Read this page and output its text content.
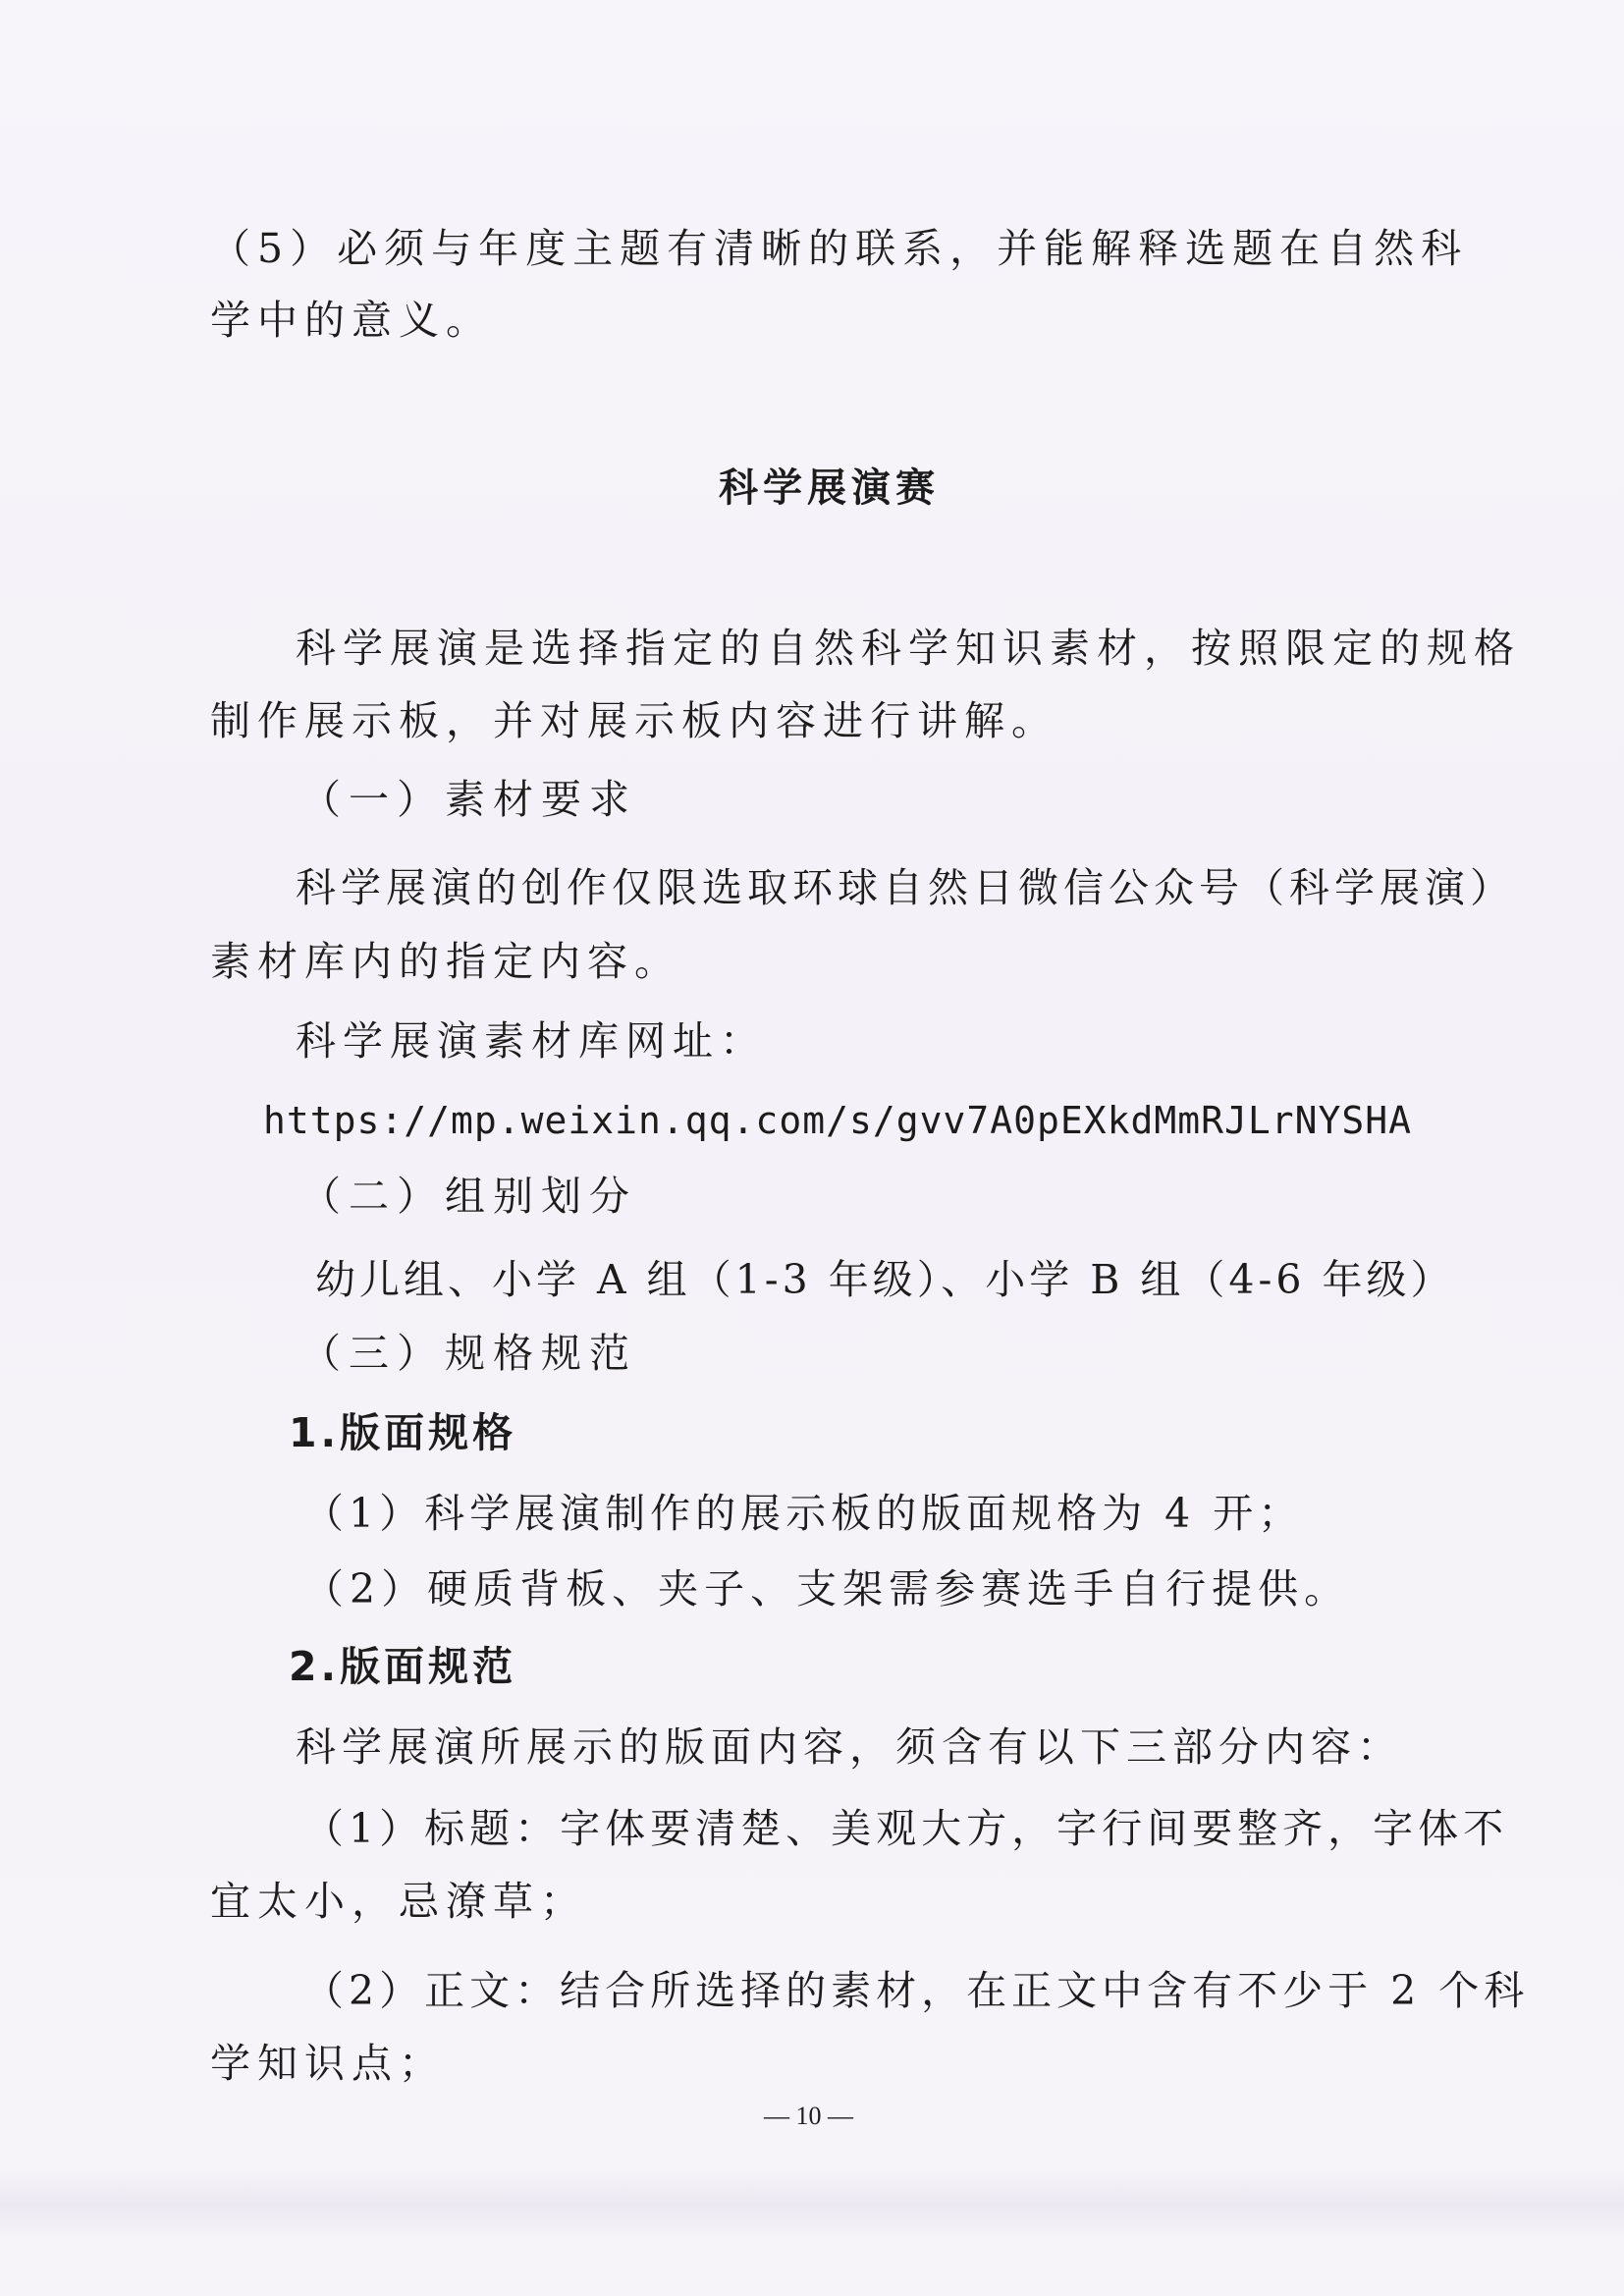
（5）必须与年度主题有清晰的联系，并能解释选题在自然科
学中的意义。
科学展演赛
科学展演是选择指定的自然科学知识素材，按照限定的规格
制作展示板，并对展示板内容进行讲解。
（一）素材要求
科学展演的创作仅限选取环球自然日微信公众号（科学展演）
素材库内的指定内容。
科学展演素材库网址：
https://mp.weixin.qq.com/s/gvv7A0pEXkdMmRJLrNYSHA
（二）组别划分
幼儿组、小学 A 组（1-3 年级）、小学 B 组（4-6 年级）
（三）规格规范
1.版面规格
（1）科学展演制作的展示板的版面规格为 4 开；
（2）硬质背板、夹子、支架需参赛选手自行提供。
2.版面规范
科学展演所展示的版面内容，须含有以下三部分内容：
（1）标题：字体要清楚、美观大方，字行间要整齐，字体不
宜太小，忌潦草；
（2）正文：结合所选择的素材，在正文中含有不少于 2 个科
学知识点；
— 10 —
